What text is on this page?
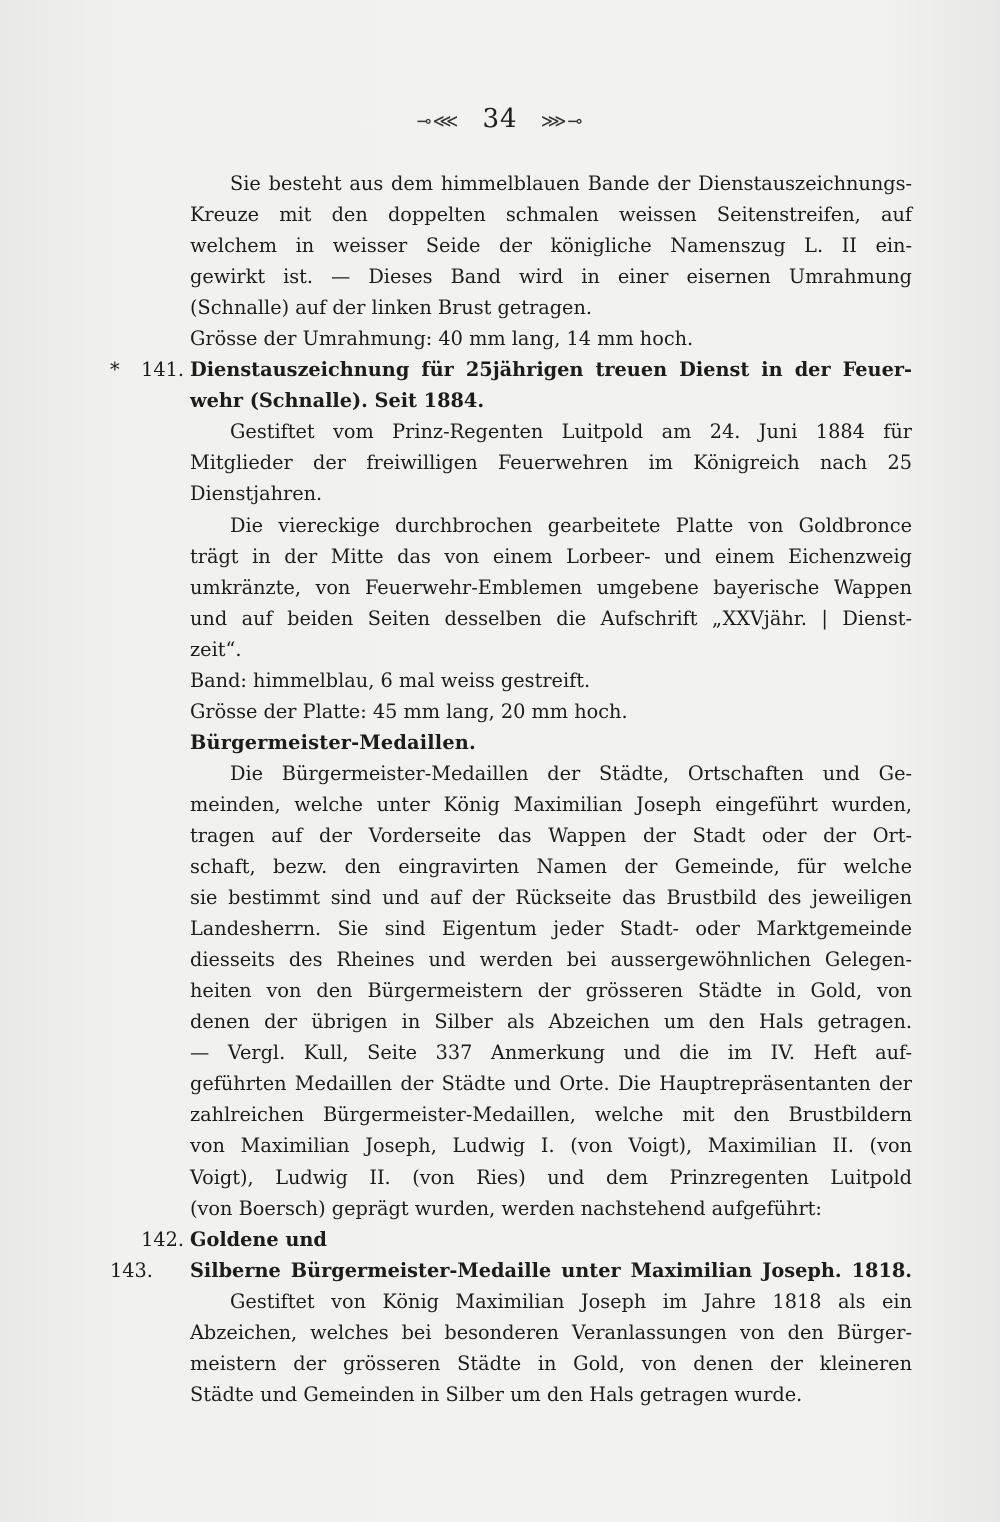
⊸⋘ 34 ⋙⊸
Sie besteht aus dem himmelblauen Bande der Dienstauszeichnungs-
Kreuze mit den doppelten schmalen weissen Seitenstreifen, auf
welchem in weisser Seide der königliche Namenszug L. II ein-
gewirkt ist. — Dieses Band wird in einer eisernen Umrahmung
(Schnalle) auf der linken Brust getragen.
Grösse der Umrahmung: 40 mm lang, 14 mm hoch.
* 141. Dienstauszeichnung für 25jährigen treuen Dienst in der Feuer-
wehr (Schnalle). Seit 1884.
Gestiftet vom Prinz-Regenten Luitpold am 24. Juni 1884 für
Mitglieder der freiwilligen Feuerwehren im Königreich nach 25
Dienstjahren.
Die viereckige durchbrochen gearbeitete Platte von Goldbronce
trägt in der Mitte das von einem Lorbeer- und einem Eichenzweig
umkränzte, von Feuerwehr-Emblemen umgebene bayerische Wappen
und auf beiden Seiten desselben die Aufschrift „XXVjähr. | Dienst-
zeit“.
Band: himmelblau, 6 mal weiss gestreift.
Grösse der Platte: 45 mm lang, 20 mm hoch.
Bürgermeister-Medaillen.
Die Bürgermeister-Medaillen der Städte, Ortschaften und Ge-
meinden, welche unter König Maximilian Joseph eingeführt wurden,
tragen auf der Vorderseite das Wappen der Stadt oder der Ort-
schaft, bezw. den eingravirten Namen der Gemeinde, für welche
sie bestimmt sind und auf der Rückseite das Brustbild des jeweiligen
Landesherrn. Sie sind Eigentum jeder Stadt- oder Marktgemeinde
diesseits des Rheines und werden bei aussergewöhnlichen Gelegen-
heiten von den Bürgermeistern der grösseren Städte in Gold, von
denen der übrigen in Silber als Abzeichen um den Hals getragen.
— Vergl. Kull, Seite 337 Anmerkung und die im IV. Heft auf-
geführten Medaillen der Städte und Orte. Die Hauptrepräsentanten der
zahlreichen Bürgermeister-Medaillen, welche mit den Brustbildern
von Maximilian Joseph, Ludwig I. (von Voigt), Maximilian II. (von
Voigt), Ludwig II. (von Ries) und dem Prinzregenten Luitpold
(von Boersch) geprägt wurden, werden nachstehend aufgeführt:
142. Goldene und
143.	Silberne Bürgermeister-Medaille unter Maximilian Joseph. 1818.
Gestiftet von König Maximilian Joseph im Jahre 1818 als ein
Abzeichen, welches bei besonderen Veranlassungen von den Bürger-
meistern der grösseren Städte in Gold, von denen der kleineren
Städte und Gemeinden in Silber um den Hals getragen wurde.
